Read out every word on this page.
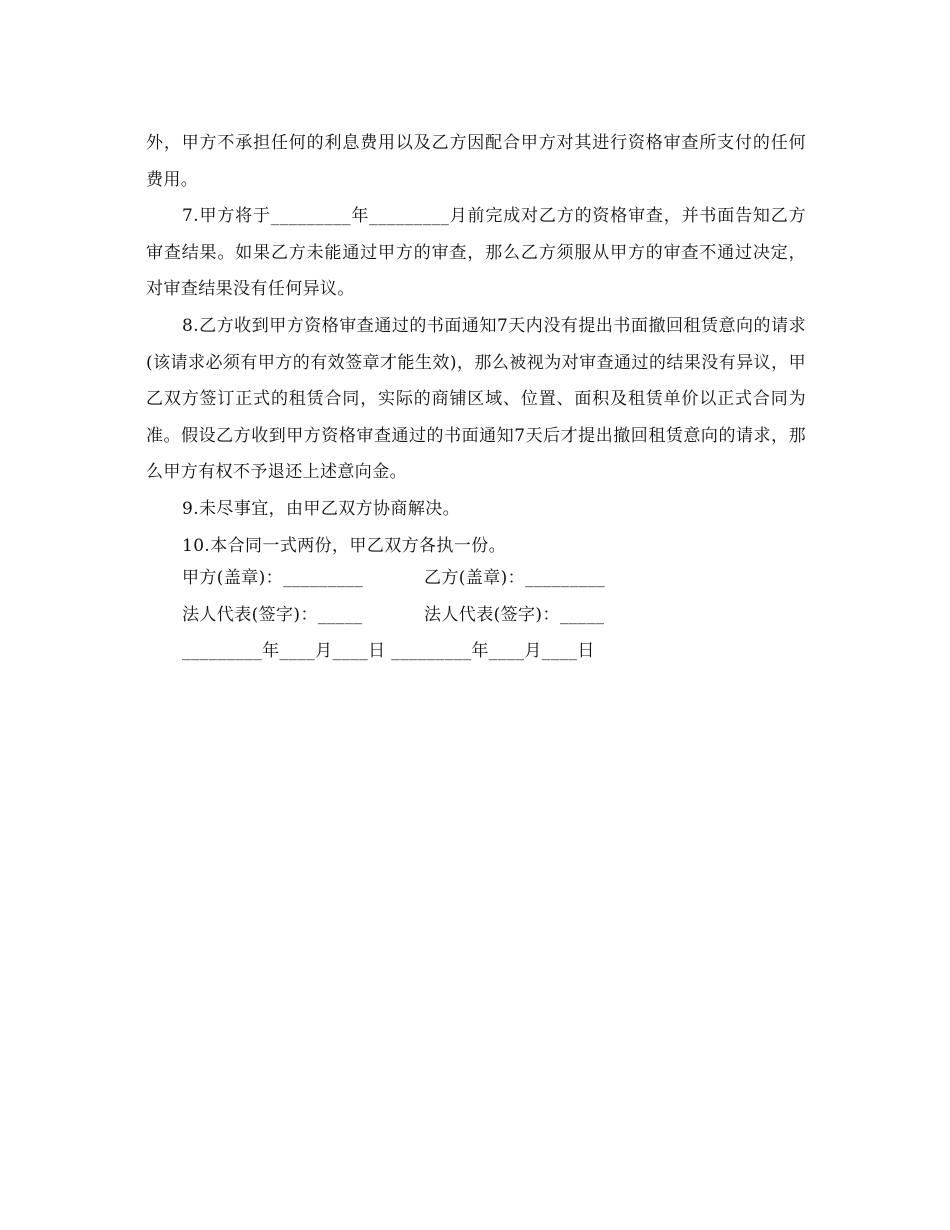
外，甲方不承担任何的利息费用以及乙方因配合甲方对其进行资格审查所支付的任何费用。

7.甲方将于_________年_________月前完成对乙方的资格审查，并书面告知乙方审查结果。如果乙方未能通过甲方的审查，那么乙方须服从甲方的审查不通过决定，对审查结果没有任何异议。

8.乙方收到甲方资格审查通过的书面通知7天内没有提出书面撤回租赁意向的请求(该请求必须有甲方的有效签章才能生效)，那么被视为对审查通过的结果没有异议，甲乙双方签订正式的租赁合同，实际的商铺区域、位置、面积及租赁单价以正式合同为准。假设乙方收到甲方资格审查通过的书面通知7天后才提出撤回租赁意向的请求，那么甲方有权不予退还上述意向金。

9.未尽事宜，由甲乙双方协商解决。

10.本合同一式两份，甲乙双方各执一份。

甲方(盖章)：_________	乙方(盖章)：_________
法人代表(签字)：_____	法人代表(签字)：_____
_________年____月____日 _________年____月____日
